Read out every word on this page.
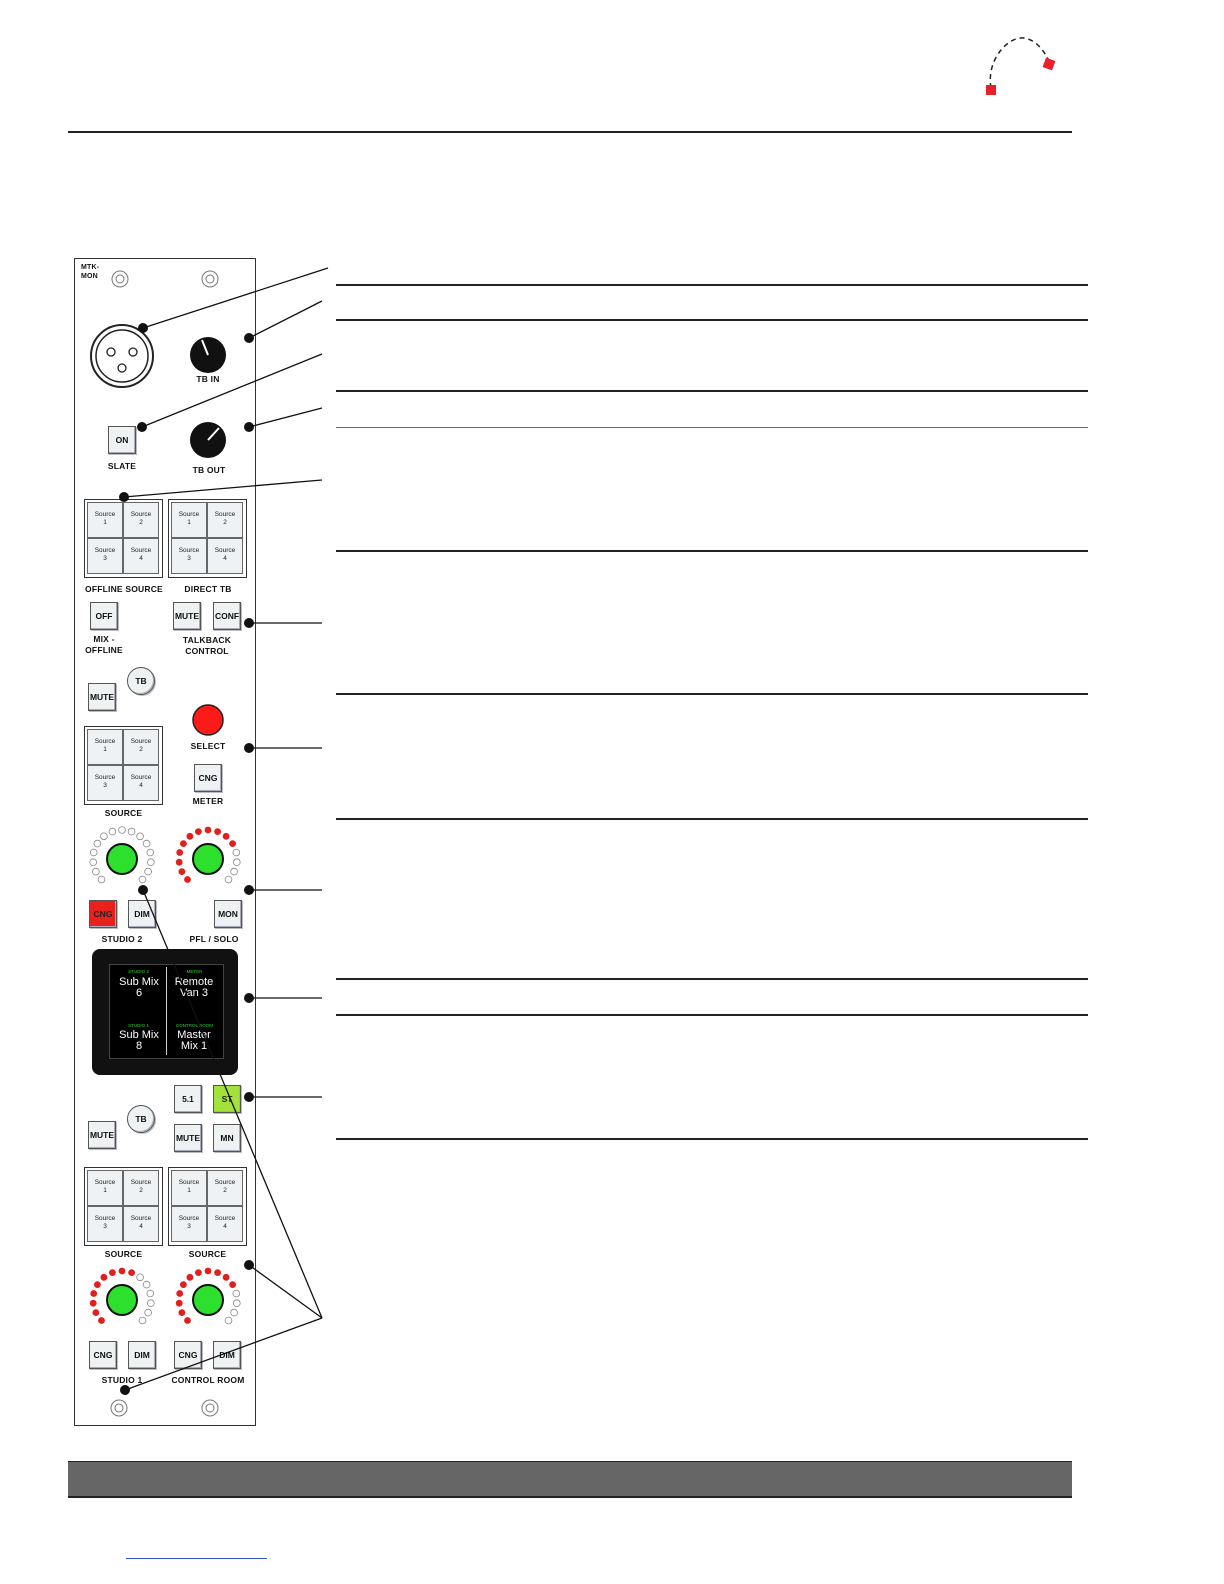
MTK-
MON
TB IN
ON
SLATE	TB OUT
Source
1
Source
2
Source
3
Source
4
Source
1
Source
2
Source
3
Source
4
OFFLINE SOURCE	DIRECT TB
OFF
MIX -
OFFLINE
MUTE CONF
TALKBACK
CONTROL
TB
MUTE
Source
1
Source
2
Source
3
Source
4
SOURCE
SELECT
CNG
METER
CNG	DIM
STUDIO 2
MON
PFL / SOLO
STUDIO 2	METER
STUDIO 1	CONTROL ROOM
Sub Mix
6
Remote
Van 3
Sub Mix
8
Master
Mix 1
5.1	ST
MUTE	MN
TB
MUTE
Source
1
Source
2
Source
3
Source
4
Source
1
Source
2
Source
3
Source
4
SOURCE	SOURCE
CNG	DIM
STUDIO 1
CNG	DIM
CONTROL ROOM
